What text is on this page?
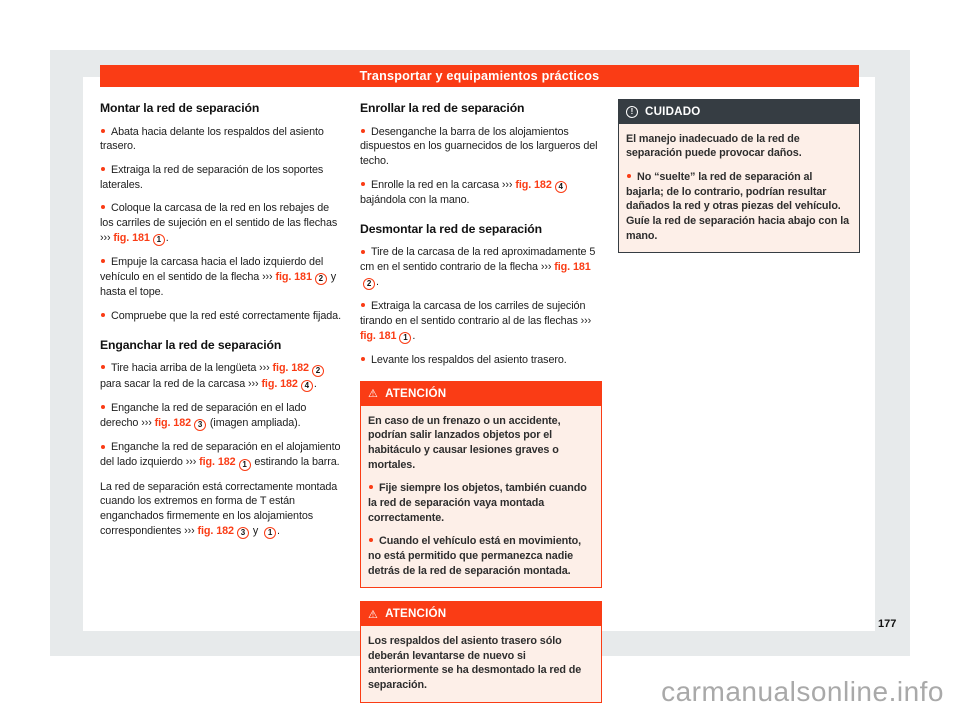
Transportar y equipamientos prácticos
Montar la red de separación
Abata hacia delante los respaldos del asiento trasero.
Extraiga la red de separación de los soportes laterales.
Coloque la carcasa de la red en los rebajes de los carriles de sujeción en el sentido de las flechas ››› fig. 181 1 .
Empuje la carcasa hacia el lado izquierdo del vehículo en el sentido de la flecha ››› fig. 181 2 y hasta el tope.
Compruebe que la red esté correctamente fijada.
Enganchar la red de separación
Tire hacia arriba de la lengüeta ››› fig. 182 2 para sacar la red de la carcasa ››› fig. 182 4 .
Enganche la red de separación en el lado derecho ››› fig. 182 3 (imagen ampliada).
Enganche la red de separación en el alojamiento del lado izquierdo ››› fig. 182 1 estirando la barra.
La red de separación está correctamente montada cuando los extremos en forma de T están enganchados firmemente en los alojamientos correspondientes ››› fig. 182 3 y 1 .
Enrollar la red de separación
Desenganche la barra de los alojamientos dispuestos en los guarnecidos de los largueros del techo.
Enrolle la red en la carcasa ››› fig. 182 4 bajándola con la mano.
Desmontar la red de separación
Tire de la carcasa de la red aproximadamente 5 cm en el sentido contrario de la flecha ››› fig. 1812 .
Extraiga la carcasa de los carriles de sujeción tirando en el sentido contrario al de las flechas ››› fig. 181 1 .
Levante los respaldos del asiento trasero.
⚠ ATENCIÓN
En caso de un frenazo o un accidente, podrían salir lanzados objetos por el habitáculo y causar lesiones graves o mortales.
Fije siempre los objetos, también cuando la red de separación vaya montada correctamente.
Cuando el vehículo está en movimiento, no está permitido que permanezca nadie detrás de la red de separación montada.
⚠ ATENCIÓN
Los respaldos del asiento trasero sólo deberán levantarse de nuevo si anteriormente se ha desmontado la red de separación.
! CUIDADO
El manejo inadecuado de la red de separación puede provocar daños.
No “suelte” la red de separación al bajarla; de lo contrario, podrían resultar dañados la red y otras piezas del vehículo. Guíe la red de separación hacia abajo con la mano.
177
carmanualsonline.info
